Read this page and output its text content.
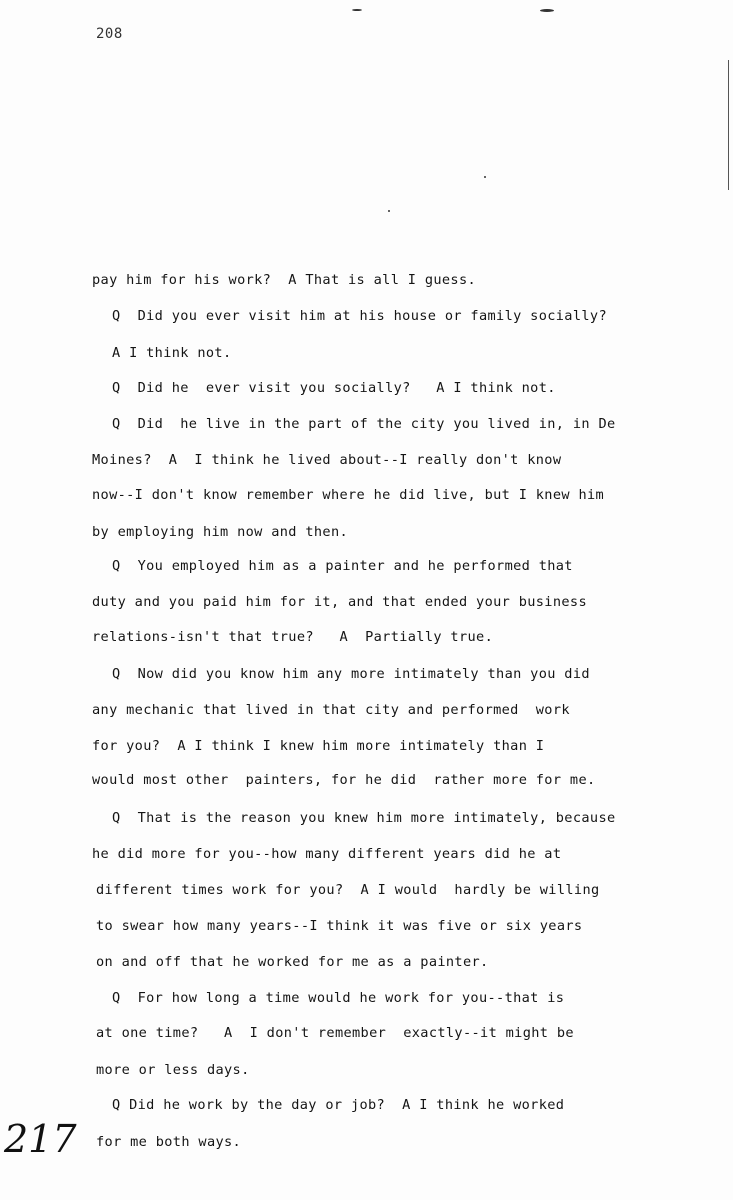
208
pay him for his work?  A That is all I guess.
Q  Did you ever visit him at his house or family socially?
A I think not.
Q  Did he  ever visit you socially?   A I think not.
Q  Did  he live in the part of the city you lived in, in De
Moines?  A  I think he lived about--I really don't know
now--I don't know remember where he did live, but I knew him
by employing him now and then.
Q  You employed him as a painter and he performed that
duty and you paid him for it, and that ended your business
relations-isn't that true?   A  Partially true.
Q  Now did you know him any more intimately than you did
any mechanic that lived in that city and performed  work
for you?  A I think I knew him more intimately than I
would most other  painters, for he did  rather more for me.
Q  That is the reason you knew him more intimately, because
he did more for you--how many different years did he at
different times work for you?  A I would  hardly be willing
to swear how many years--I think it was five or six years
on and off that he worked for me as a painter.
Q  For how long a time would he work for you--that is
at one time?   A  I don't remember  exactly--it might be
more or less days.
Q Did he work by the day or job?  A I think he worked
for me both ways.
217
